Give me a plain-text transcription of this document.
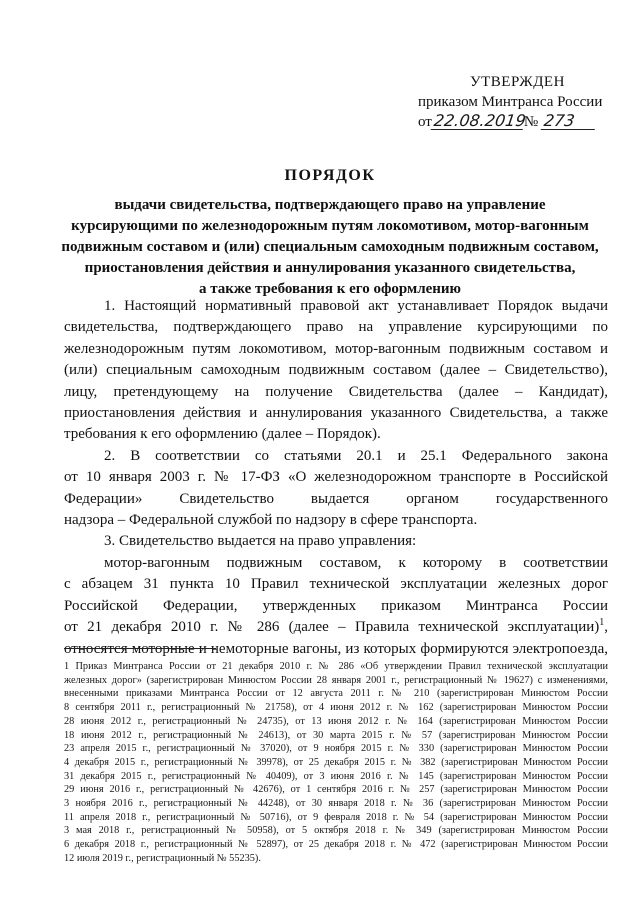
УТВЕРЖДЕН
приказом Минтранса России
от22.08.2019№ 273
ПОРЯДОК
выдачи свидетельства, подтверждающего право на управление
курсирующими по железнодорожным путям локомотивом, мотор-вагонным
подвижным составом и (или) специальным самоходным подвижным составом,
приостановления действия и аннулирования указанного свидетельства,
а также требования к его оформлению

1. Настоящий нормативный правовой акт устанавливает Порядок выдачи
свидетельства, подтверждающего право на управление курсирующими по
железнодорожным путям локомотивом, мотор-вагонным подвижным составом и
(или) специальным самоходным подвижным составом (далее – Свидетельство),
лицу, претендующему на получение Свидетельства (далее – Кандидат),
приостановления действия и аннулирования указанного Свидетельства, а также
требования к его оформлению (далее – Порядок).

2. В соответствии со статьями 20.1 и 25.1 Федерального закона
от 10 января 2003 г. № 17-ФЗ «О железнодорожном транспорте в Российской
Федерации» Свидетельство выдается органом государственного
надзора – Федеральной службой по надзору в сфере транспорта.

3. Свидетельство выдается на право управления:

мотор-вагонным подвижным составом, к которому в соответствии
с абзацем 31 пункта 10 Правил технической эксплуатации железных дорог
Российской Федерации, утвержденных приказом Минтранса России
от 21 декабря 2010 г. № 286 (далее – Правила технической эксплуатации)$^1$,
относятся моторные и немоторные вагоны, из которых формируются электропоезда,

1 Приказ Минтранса России от 21 декабря 2010 г. № 286 «Об утверждении Правил технической эксплуатации
железных дорог» (зарегистрирован Минюстом России 28 января 2001 г., регистрационный № 19627) с изменениями,
внесенными приказами Минтранса России от 12 августа 2011 г. № 210 (зарегистрирован Минюстом России
8 сентября 2011 г., регистрационный № 21758), от 4 июня 2012 г. № 162 (зарегистрирован Минюстом России
28 июня 2012 г., регистрационный № 24735), от 13 июня 2012 г. № 164 (зарегистрирован Минюстом России
18 июня 2012 г., регистрационный № 24613), от 30 марта 2015 г. № 57 (зарегистрирован Минюстом России
23 апреля 2015 г., регистрационный № 37020), от 9 ноября 2015 г. № 330 (зарегистрирован Минюстом России
4 декабря 2015 г., регистрационный № 39978), от 25 декабря 2015 г. № 382 (зарегистрирован Минюстом России
31 декабря 2015 г., регистрационный № 40409), от 3 июня 2016 г. № 145 (зарегистрирован Минюстом России
29 июня 2016 г., регистрационный № 42676), от 1 сентября 2016 г. № 257 (зарегистрирован Минюстом России
3 ноября 2016 г., регистрационный № 44248), от 30 января 2018 г. № 36 (зарегистрирован Минюстом России
11 апреля 2018 г., регистрационный № 50716), от 9 февраля 2018 г. № 54 (зарегистрирован Минюстом России
3 мая 2018 г., регистрационный № 50958), от 5 октября 2018 г. № 349 (зарегистрирован Минюстом России
6 декабря 2018 г., регистрационный № 52897), от 25 декабря 2018 г. № 472 (зарегистрирован Минюстом России
12 июля 2019 г., регистрационный № 55235).
